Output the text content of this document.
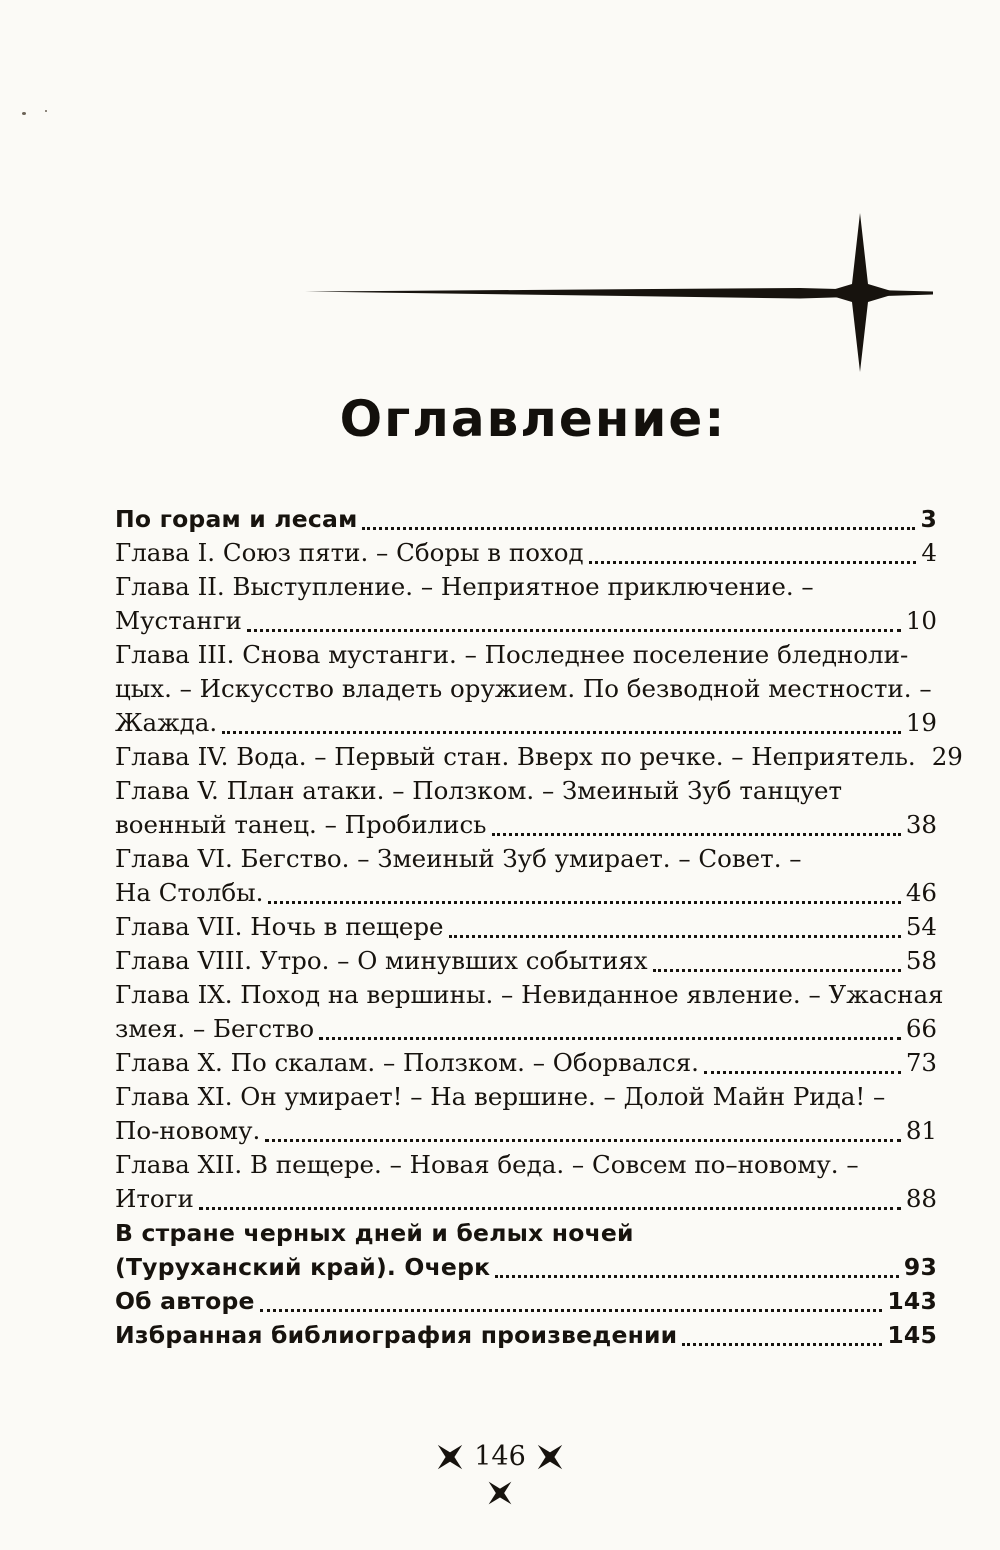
Оглавление:
По горам и лесам	3
Глава I. Союз пяти. – Сборы в поход	4
Глава II. Выступление. – Неприятное приключение. –
Мустанги	10
Глава III. Снова мустанги. – Последнее поселение бледноли-
цых. – Искусство владеть оружием. По безводной местности. –
Жажда.	19
Глава IV. Вода. – Первый стан. Вверх по речке. – Неприятель. 29
Глава V. План атаки. – Ползком. – Змеиный Зуб танцует
военный танец. – Пробились	38
Глава VI. Бегство. – Змеиный Зуб умирает. – Совет. –
На Столбы.	46
Глава VII. Ночь в пещере	54
Глава VIII. Утро. – О минувших событиях	58
Глава IX. Поход на вершины. – Невиданное явление. – Ужасная
змея. – Бегство	66
Глава X. По скалам. – Ползком. – Оборвался.	73
Глава XI. Он умирает! – На вершине. – Долой Майн Рида! –
По-новому.	81
Глава XII. В пещере. – Новая беда. – Совсем по–новому. –
Итоги	88
В стране черных дней и белых ночей
(Туруханский край). Очерк	93
Об авторе	143
Избранная библиография произведении	145
146
